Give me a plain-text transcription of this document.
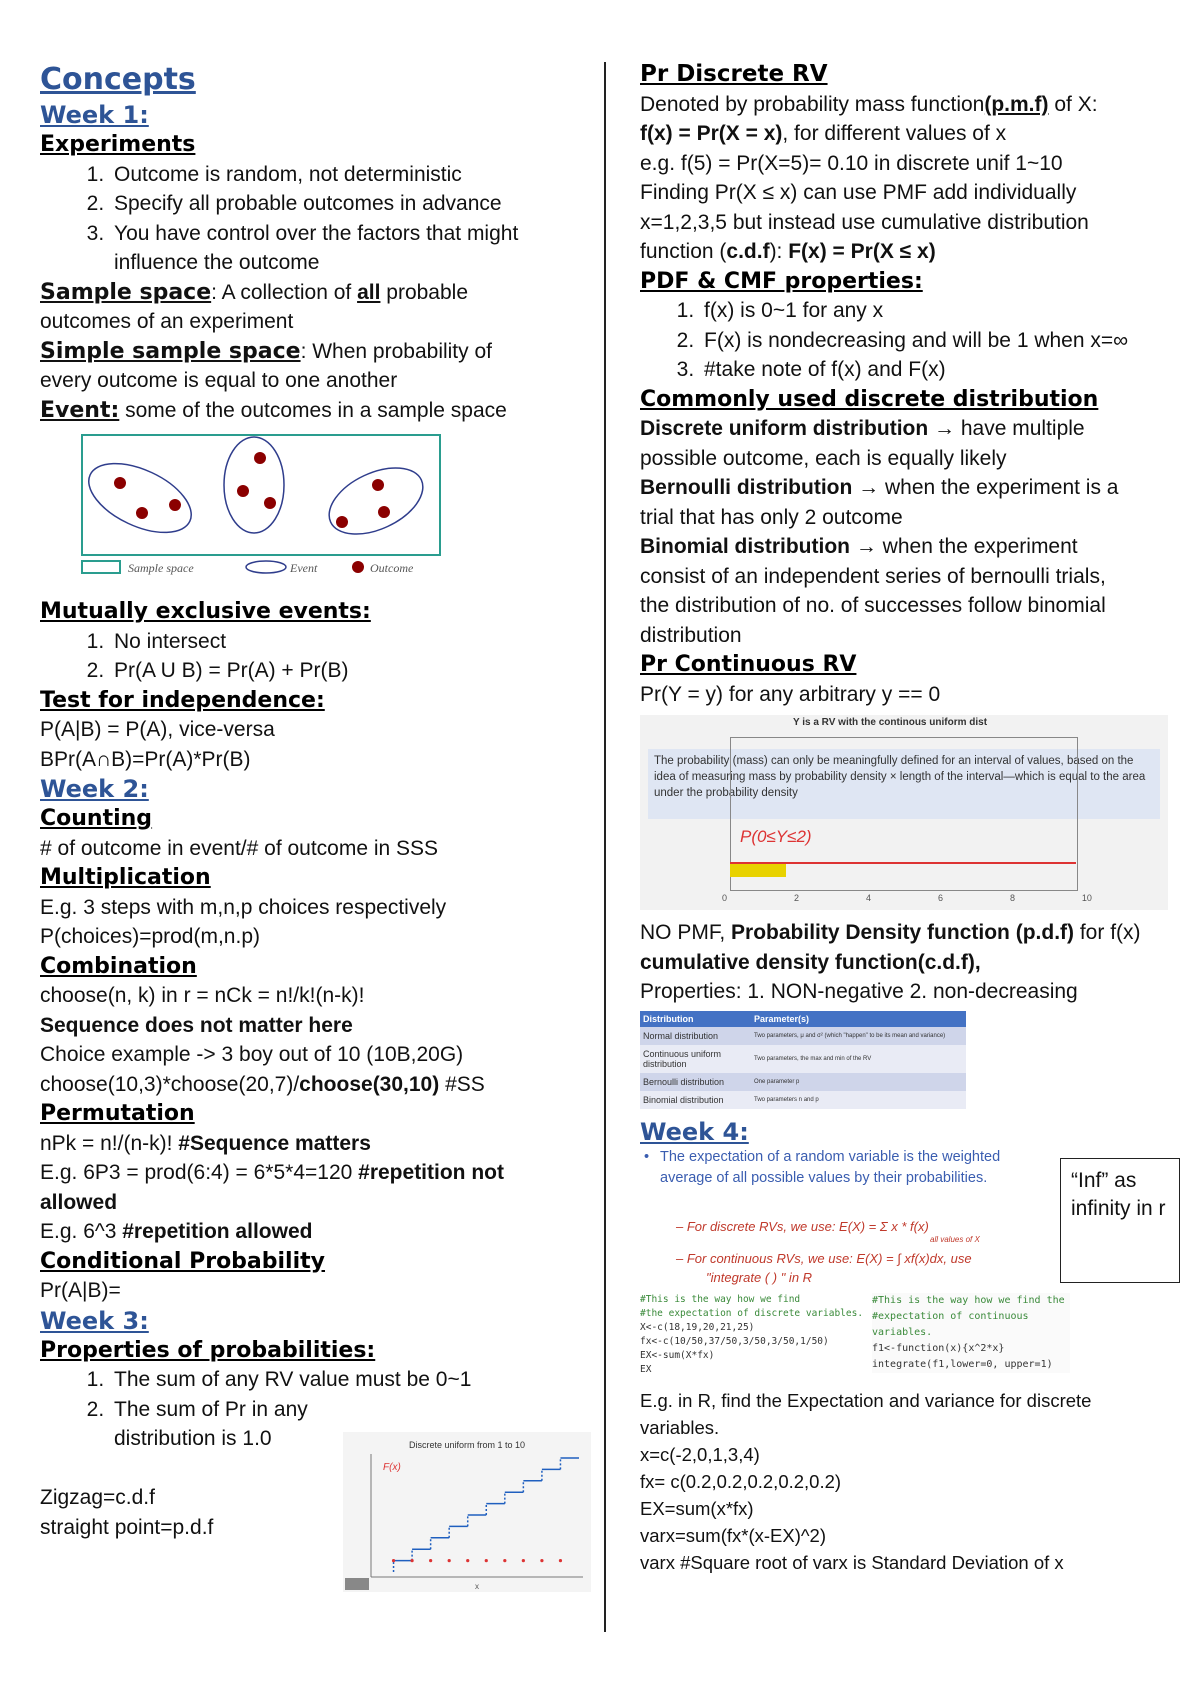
Concepts

Week 1:

Experiments

1. Outcome is random, not deterministic
2. Specify all probable outcomes in advance
3. You have control over the factors that might influence the outcome

Sample space: A collection of all probable

outcomes of an experiment

Simple sample space: When probability of

every outcome is equal to one another

Event: some of the outcomes in a sample space

Sample space	Event	Outcome

Mutually exclusive events:

1. No intersect
2. Pr(A U B) = Pr(A) + Pr(B)

Test for independence:

P(A|B) = P(A), vice-versa

BPr(A∩B)=Pr(A)*Pr(B)

Week 2:

Counting

# of outcome in event/# of outcome in SSS

Multiplication

E.g. 3 steps with m,n,p choices respectively

P(choices)=prod(m,n.p)

Combination

choose(n, k) in r = nCk = n!/k!(n-k)!

Sequence does not matter here

Choice example -> 3 boy out of 10 (10B,20G)

choose(10,3)*choose(20,7)/choose(30,10) #SS

Permutation

nPk = n!/(n-k)! #Sequence matters

E.g. 6P3 = prod(6:4) = 6*5*4=120 #repetition not

allowed

E.g. 6^3 #repetition allowed

Conditional Probability

Pr(A|B)=

Week 3:

Properties of probabilities:

1. The sum of any RV value must be 0~1
2. The sum of Pr in any
distribution is 1.0

Zigzag=c.d.f

straight point=p.d.f

Discrete uniform from 1 to 10
F(x)
x

Pr Discrete RV

Denoted by probability mass function(p.m.f) of X:

f(x) = Pr(X = x), for different values of x

e.g. f(5) = Pr(X=5)= 0.10 in discrete unif 1~10

Finding Pr(X ≤ x) can use PMF add individually

x=1,2,3,5 but instead use cumulative distribution

function (c.d.f): F(x) = Pr(X ≤ x)

PDF & CMF properties:

1. f(x) is 0~1 for any x
2. F(x) is nondecreasing and will be 1 when x=∞
3. #take note of f(x) and F(x)

Commonly used discrete distribution

Discrete uniform distribution → have multiple

possible outcome, each is equally likely

Bernoulli distribution → when the experiment is a

trial that has only 2 outcome

Binomial distribution → when the experiment

consist of an independent series of bernoulli trials,

the distribution of no. of successes follow binomial

distribution

Pr Continuous RV

Pr(Y = y) for any arbitrary y == 0

Y is a RV with the continous uniform dist
The probability (mass) can only be meaningfully defined for an interval of values, based on the idea of measuring mass by probability density × length of the interval—which is equal to the area under the probability density
P(0≤Y≤2)
0	2	4	6	8	10

NO PMF, Probability Density function (p.d.f) for f(x)

cumulative density function(c.d.f),

Properties: 1. NON-negative 2. non-decreasing

Distribution	Parameter(s)
Normal distribution	Two parameters, μ and σ² (which "happen" to be its mean and variance)
Continuous uniform distribution	Two parameters, the max and min of the RV
Bernoulli distribution	One parameter p
Binomial distribution	Two parameters n and p

Week 4:

• The expectation of a random variable is the weighted average of all possible values by their probabilities.
– For discrete RVs, we use: E(X) = Σ x * f(x)
all values of X
– For continuous RVs, we use: E(X) = ∫ xf(x)dx, use
"integrate ( ) " in R
#This is the way how we find
#the expectation of discrete variables.
X<-c(18,19,20,21,25)
fx<-c(10/50,37/50,3/50,3/50,1/50)
EX<-sum(X*fx)
EX
#This is the way how we find the
#expectation of continuous variables.
f1<-function(x){x^2*x}
integrate(f1,lower=0, upper=1)

E.g. in R, find the Expectation and variance for discrete

variables.

x=c(-2,0,1,3,4)

fx= c(0.2,0.2,0.2,0.2,0.2)

EX=sum(x*fx)

varx=sum(fx*(x-EX)^2)

varx #Square root of varx is Standard Deviation of x

“Inf” as infinity in r
